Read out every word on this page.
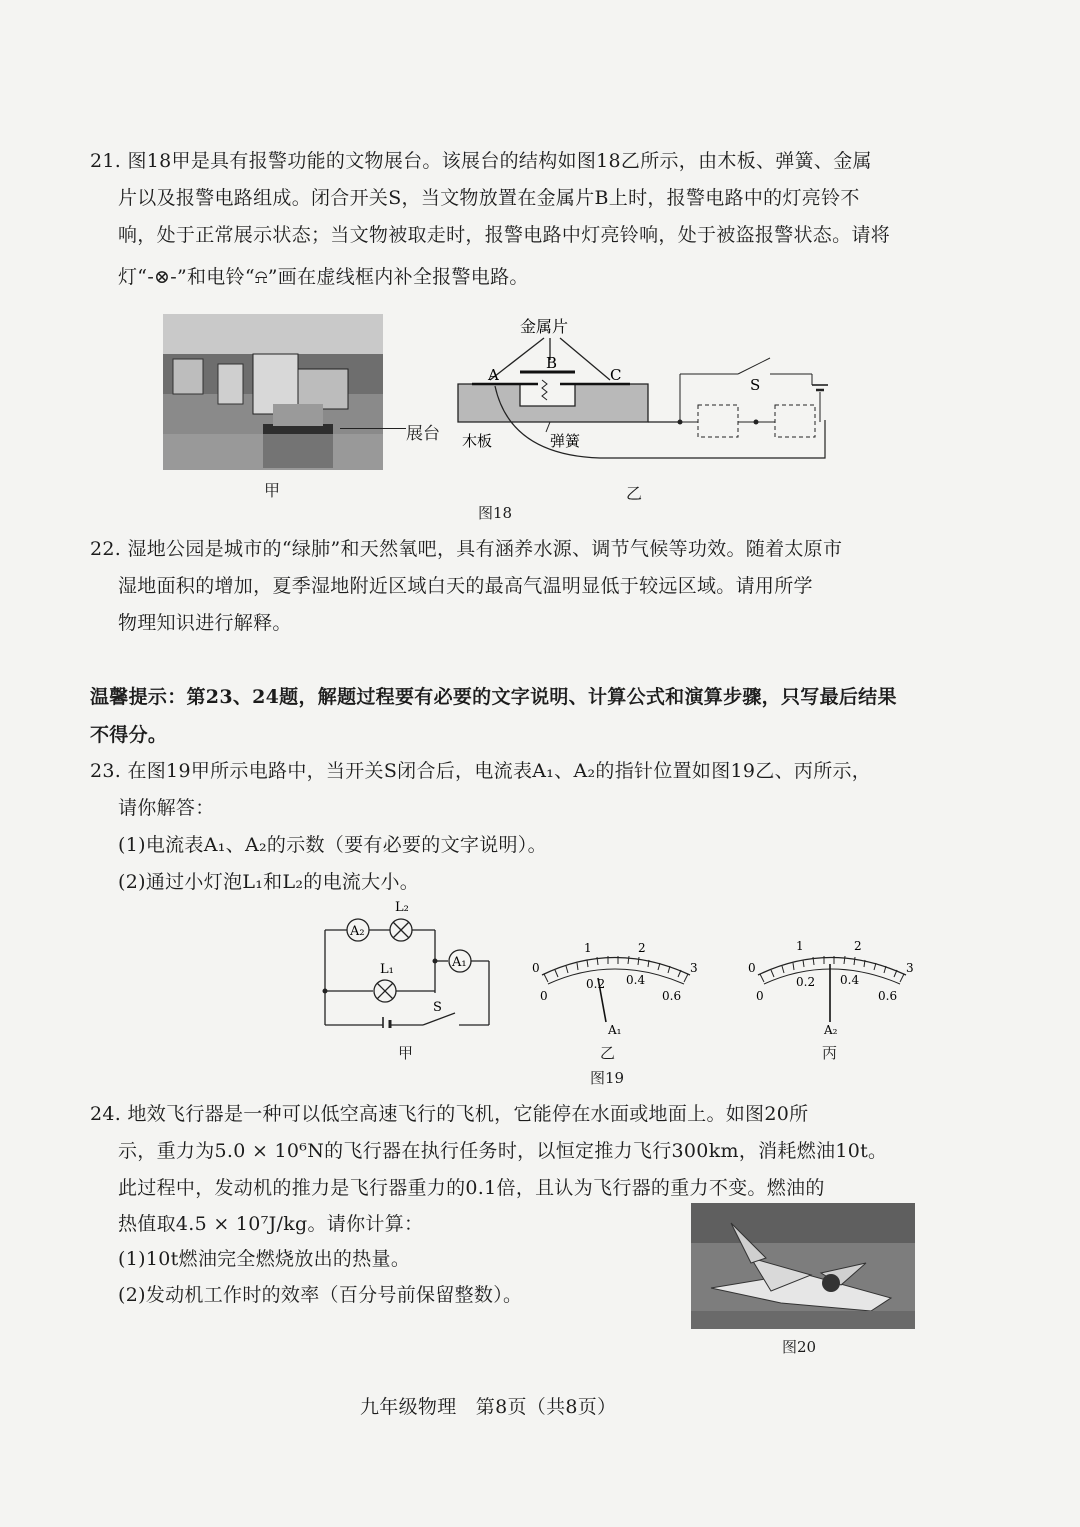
21. 图18甲是具有报警功能的文物展台。该展台的结构如图18乙所示，由木板、弹簧、金属
片以及报警电路组成。闭合开关S，当文物放置在金属片B上时，报警电路中的灯亮铃不
响，处于正常展示状态；当文物被取走时，报警电路中灯亮铃响，处于被盗报警状态。请将
灯“-⊗-”和电铃“⍾”画在虚线框内补全报警电路。
展台
甲
金属片
B
A	C
S
木板	弹簧
乙
图18
22. 湿地公园是城市的“绿肺”和天然氧吧，具有涵养水源、调节气候等功效。随着太原市
湿地面积的增加，夏季湿地附近区域白天的最高气温明显低于较远区域。请用所学
物理知识进行解释。
温馨提示：第23、24题，解题过程要有必要的文字说明、计算公式和演算步骤，只写最后结果
不得分。
23. 在图19甲所示电路中，当开关S闭合后，电流表A₁、A₂的指针位置如图19乙、丙所示，
请你解答：
(1)电流表A₁、A₂的示数（要有必要的文字说明）。
(2)通过小灯泡L₁和L₂的电流大小。
A₂
A₁
L₂
L₁
S
甲
0
1	2
3
0
0.2 0.4
0.6
A₁
乙
0
1	2
3
0
0.2 0.4
0.6
A₂
丙
图19
24. 地效飞行器是一种可以低空高速飞行的飞机，它能停在水面或地面上。如图20所
示，重力为5.0 × 10⁶N的飞行器在执行任务时，以恒定推力飞行300km，消耗燃油10t。
此过程中，发动机的推力是飞行器重力的0.1倍，且认为飞行器的重力不变。燃油的
热值取4.5 × 10⁷J/kg。请你计算：
(1)10t燃油完全燃烧放出的热量。
(2)发动机工作时的效率（百分号前保留整数）。
图20
九年级物理　第8页（共8页）
